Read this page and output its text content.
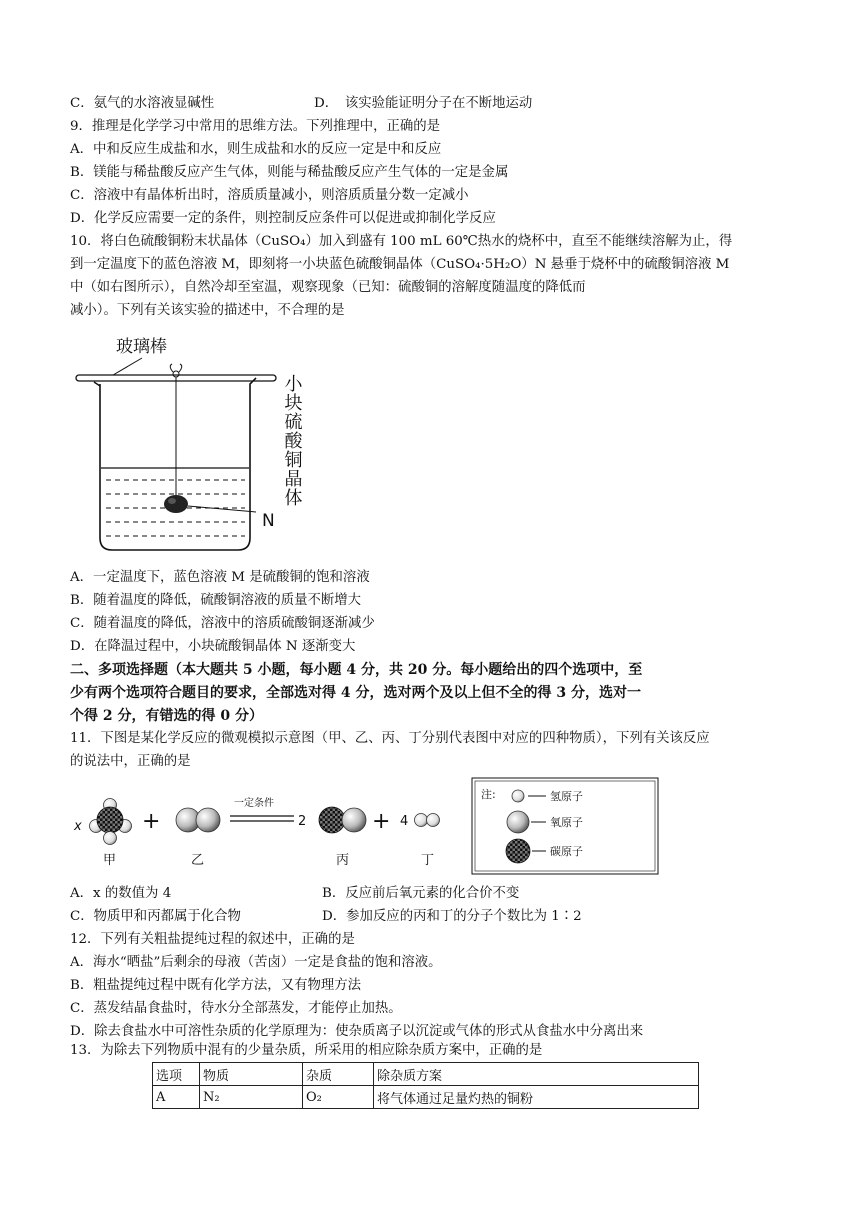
C．氨气的水溶液显碱性	D．　该实验能证明分子在不断地运动
9．推理是化学学习中常用的思维方法。下列推理中，正确的是
A．中和反应生成盐和水，则生成盐和水的反应一定是中和反应
B．镁能与稀盐酸反应产生气体，则能与稀盐酸反应产生气体的一定是金属
C．溶液中有晶体析出时，溶质质量减小，则溶质质量分数一定减小
D．化学反应需要一定的条件，则控制反应条件可以促进或抑制化学反应
10．将白色硫酸铜粉末状晶体（CuSO₄）加入到盛有 100 mL 60℃热水的烧杯中，直至不能继续溶解为止，得
到一定温度下的蓝色溶液 M，即刻将一小块蓝色硫酸铜晶体（CuSO₄·5H₂O）N 悬垂于烧杯中的硫酸铜溶液 M
中（如右图所示），自然冷却至室温，观察现象（已知：硫酸铜的溶解度随温度的降低而
减小）。下列有关该实验的描述中，不合理的是
玻璃棒
N
小块硫酸铜晶体
A．一定温度下，蓝色溶液 M 是硫酸铜的饱和溶液
B．随着温度的降低，硫酸铜溶液的质量不断增大
C．随着温度的降低，溶液中的溶质硫酸铜逐渐减少
D．在降温过程中，小块硫酸铜晶体 N 逐渐变大
二、多项选择题（本大题共 5 小题，每小题 4 分，共 20 分。每小题给出的四个选项中，至
少有两个选项符合题目的要求，全部选对得 4 分，选对两个及以上但不全的得 3 分，选对一
个得 2 分，有错选的得 0 分）
11．下图是某化学反应的微观模拟示意图（甲、乙、丙、丁分别代表图中对应的四种物质），下列有关该反应
的说法中，正确的是
x	+
一定条件
2	+ 4
甲	乙	丙	丁
注:	氢原子
氧原子
碳原子
A．x 的数值为 4	B．反应前后氧元素的化合价不变
C．物质甲和丙都属于化合物	D．参加反应的丙和丁的分子个数比为 1∶2
12．下列有关粗盐提纯过程的叙述中，正确的是
A．海水“晒盐”后剩余的母液（苦卤）一定是食盐的饱和溶液。
B．粗盐提纯过程中既有化学方法，又有物理方法
C．蒸发结晶食盐时，待水分全部蒸发，才能停止加热。
D．除去食盐水中可溶性杂质的化学原理为：使杂质离子以沉淀或气体的形式从食盐水中分离出来
13．为除去下列物质中混有的少量杂质，所采用的相应除杂质方案中，正确的是
选项	物质	杂质	除杂质方案
A	N₂	O₂	将气体通过足量灼热的铜粉
